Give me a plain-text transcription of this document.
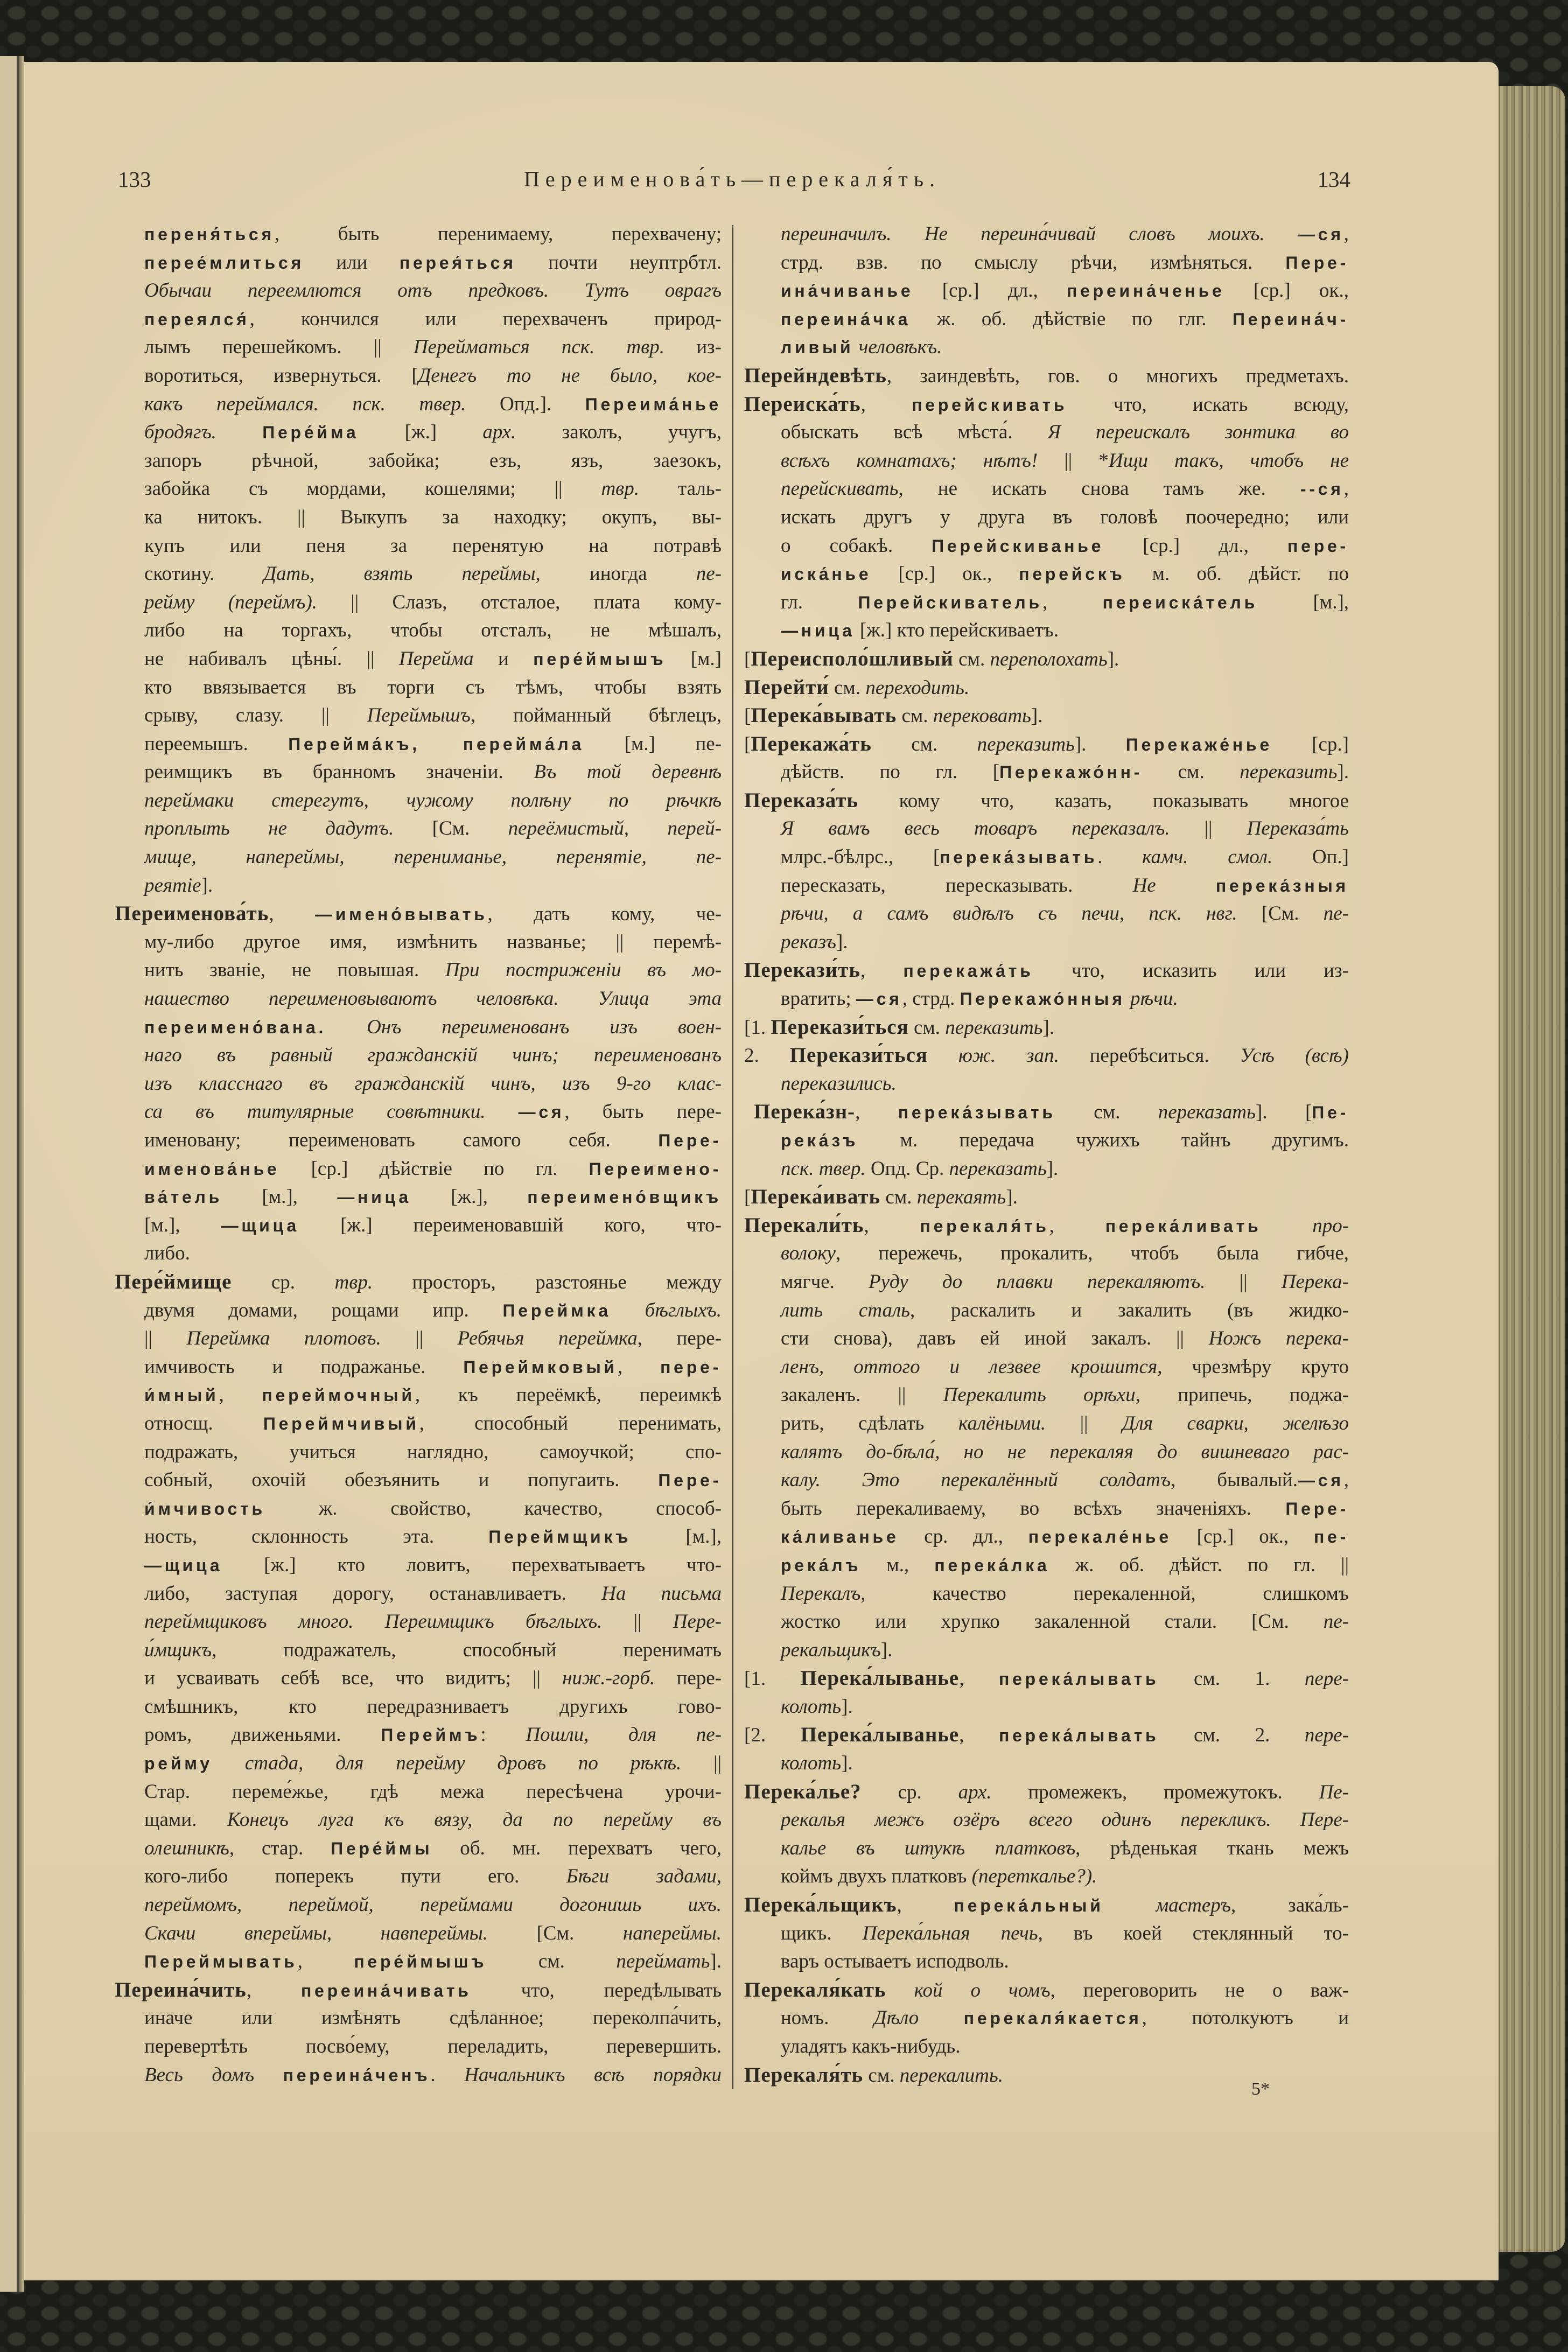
133	Переименова́ть—перекаля́ть.	134
переня́ться, быть перенимаему, перехвачену;
перее́млиться или перея́ться почти неуптрбтл.
Обычаи переемлются отъ предковъ. Тутъ оврагъ
переялся́, кончился или перехваченъ природ-
лымъ перешейкомъ. || Перейматься пск. твр. из-
воротиться, извернуться. [Денегъ то не было, кое-
какъ переймался. пск. твер. Опд.]. Переима́нье
бродягъ.	Пере́йма [ж.] арх. заколъ, учугъ,
запоръ рѣчной, забойка; езъ, язъ, заезокъ,
забойка съ мордами, кошелями; || твр. таль-
ка нитокъ. || Выкупъ за находку; окупъ, вы-
купъ или пеня за перенятую на потравѣ
скотину. Дать, взять переймы, иногда пе-
рейму (переймъ). || Слазъ, отсталое, плата кому-
либо на торгахъ, чтобы отсталъ, не мѣшалъ,
не набивалъ цѣны́. || Перейма и пере́ймышъ [м.]
кто ввязывается въ торги съ тѣмъ, чтобы взять
срыву, слазу. || Переймышъ, пойманный бѣглецъ,
переемышъ. Перейма́къ, перейма́ла [м.] пе-
реимщикъ въ бранномъ значеніи. Въ той деревнѣ
переймаки стерегутъ, чужому полѣну по рѣчкѣ
проплыть не дадутъ. [См. переёмистый, перей-
мище, напереймы, перениманье, перенятіе, пе-
реятіе].
Переименова́ть, —имено́вывать, дать кому, че-
му-либо другое имя, измѣнить названье; || перемѣ-
нить званіе, не повышая. При постриженіи въ мо-
нашество переименовываютъ человѣка. Улица эта
переимено́вана. Онъ переименованъ изъ воен-
наго въ равный гражданскій чинъ; переименованъ
изъ класснаго въ гражданскій чинъ, изъ 9-го клас-
са въ титулярные совѣтники. —ся, быть пере-
именовану; переименовать самого себя. Пере-
именова́нье [ср.] дѣйствіе по гл. Переимено-
ва́тель [м.], —ница [ж.], переимено́вщикъ
[м.], —щица [ж.] переименовавшій кого, что-
либо.
Пере́ймище ср. твр. просторъ, разстоянье между
двумя домами, рощами ипр. Переймка бѣглыхъ.
|| Переймка плотовъ. || Ребячья переймка, пере-
имчивость и подражанье. Переймковый, пере-
и́мный, переймочный, къ переёмкѣ, переимкѣ
относщ. Переймчивый, способный перенимать,
подражать, учиться наглядно, самоучкой; спо-
собный, охочій обезъянить и попугаить. Пере-
и́мчивость ж. свойство, качество, способ-
ность, склонность эта. Переймщикъ [м.],
—щица [ж.] кто ловитъ, перехватываетъ что-
либо, заступая дорогу, останавливаетъ. На письма
переймщиковъ много. Переимщикъ бѣглыхъ. || Пере-
и́мщикъ, подражатель, способный перенимать
и усваивать себѣ все, что видитъ; || ниж.-горб. пере-
смѣшникъ, кто передразниваетъ другихъ гово-
ромъ, движеньями. Переймъ: Пошли, для пе-
рейму стада, для перейму дровъ по рѣкѣ. ||
Стар. переме́жье, гдѣ межа пересѣчена урочи-
щами. Конецъ луга къ вязу, да по перейму въ
олешникѣ, стар. Пере́ймы об. мн. перехватъ чего,
кого-либо поперекъ пути его. Бѣги задами,
переймомъ, переймой, переймами догонишь ихъ.
Скачи впереймы, навпереймы. [См. напереймы.
Переймывать, пере́ймышъ см. переймать].
Переина́чить, переина́чивать что, передѣлывать
иначе или измѣнять сдѣланное; переколпа́чить,
перевертѣть посво́ему, переладить, перевершить.
Весь домъ переина́ченъ. Начальникъ всѣ порядки
переиначилъ. Не переина́чивай словъ моихъ. —ся,
стрд. взв. по смыслу рѣчи, измѣняться. Пере-
ина́чиванье [ср.] дл., переина́ченье [ср.] ок.,
переина́чка ж. об. дѣйствіе по глг. Переина́ч-
ливый человѣкъ.
Перейндевѣть, заиндевѣть, гов. о многихъ предметахъ.
Переиска́ть, перейскивать что, искать всюду,
обыскать всѣ мѣста́. Я переискалъ зонтика во
всѣхъ комнатахъ; нѣтъ! || *Ищи такъ, чтобъ не
перейскивать, не искать снова тамъ же. --ся,
искать другъ у друга въ головѣ поочередно; или
о собакѣ. Перейскиванье [ср.] дл., пере-
иска́нье [ср.] ок., перейскъ м. об. дѣйст. по
гл. Перейскиватель, переиска́тель [м.],
—ница [ж.] кто перейскиваетъ.
[Переисполо́шливый см. переполохать].
Перейти́ см. переходить.
[Перека́вывать см. перековать].
[Перекажа́ть см. переказить]. Перекаже́нье [ср.]
дѣйств. по гл. [Перекажо́нн- см. переказить].
Переказа́ть кому что, казать, показывать многое
Я вамъ весь товаръ переказалъ. || Переказа́ть
млрс.-бѣлрс., [перека́зывать. камч. смол. Оп.]
пересказать, пересказывать. Не	перека́зныя
рѣчи, а самъ видѣлъ съ печи, пск. нвг. [См. пе-
реказъ].
Перекази́ть, перекажа́ть что, исказить или из-
вратить; —ся, стрд. Перекажо́нныя рѣчи.
[1. Перекази́ться см. переказить].
2. Перекази́ться юж. зап. перебѣситься. Усѣ (всѣ)
переказились.
Перека́зн-, перека́зывать см. переказать]. [Пе-
река́зъ м. передача чужихъ тайнъ другимъ.
пск. твер. Опд. Ср. переказать].
[Перека́ивать см. перекаять].
Перекали́ть, перекаля́ть, перека́ливать	про-
волоку, пережечь, прокалить, чтобъ была гибче,
мягче. Руду до плавки перекаляютъ. || Перека-
лить сталь, раскалить и закалить (въ жидко-
сти снова), давъ ей иной закалъ. || Ножъ перека-
ленъ, оттого и лезвее крошится, чрезмѣру круто
закаленъ. || Перекалить орѣхи, припечь, поджа-
рить, сдѣлать калёными. || Для сварки, желѣзо
калятъ до-бѣла́, но не перекаляя до вишневаго рас-
калу. Это перекалённый солдатъ, бывалый.—ся,
быть перекаливаему, во всѣхъ значеніяхъ. Пере-
ка́ливанье ср. дл., перекале́нье [ср.] ок., пе-
река́лъ м., перека́лка ж. об. дѣйст. по гл. ||
Перекалъ, качество перекаленной, слишкомъ
жостко или хрупко закаленной стали. [См. пе-
рекальщикъ].
[1. Перека́лыванье, перека́лывать см. 1. пере-
колоть].
[2. Перека́лыванье, перека́лывать см. 2. пере-
колоть].
Перека́лье? ср. арх. промежекъ, промежутокъ. Пе-
рекалья межъ озёръ всего одинъ перекликъ. Пере-
калье въ штукѣ платковъ, рѣденькая ткань межъ
коймъ двухъ платковъ (переткалье?).
Перека́льщикъ, перека́льный	мастеръ, зака́ль-
щикъ. Перека́льная печь, въ коей стеклянный то-
варъ остываетъ исподволь.
Перекаля́кать кой о чомъ, переговорить не о важ-
номъ. Дѣло	перекаля́кается, потолкуютъ и
уладятъ какъ-нибудь.
Перекаля́ть см. перекалить.
5*
